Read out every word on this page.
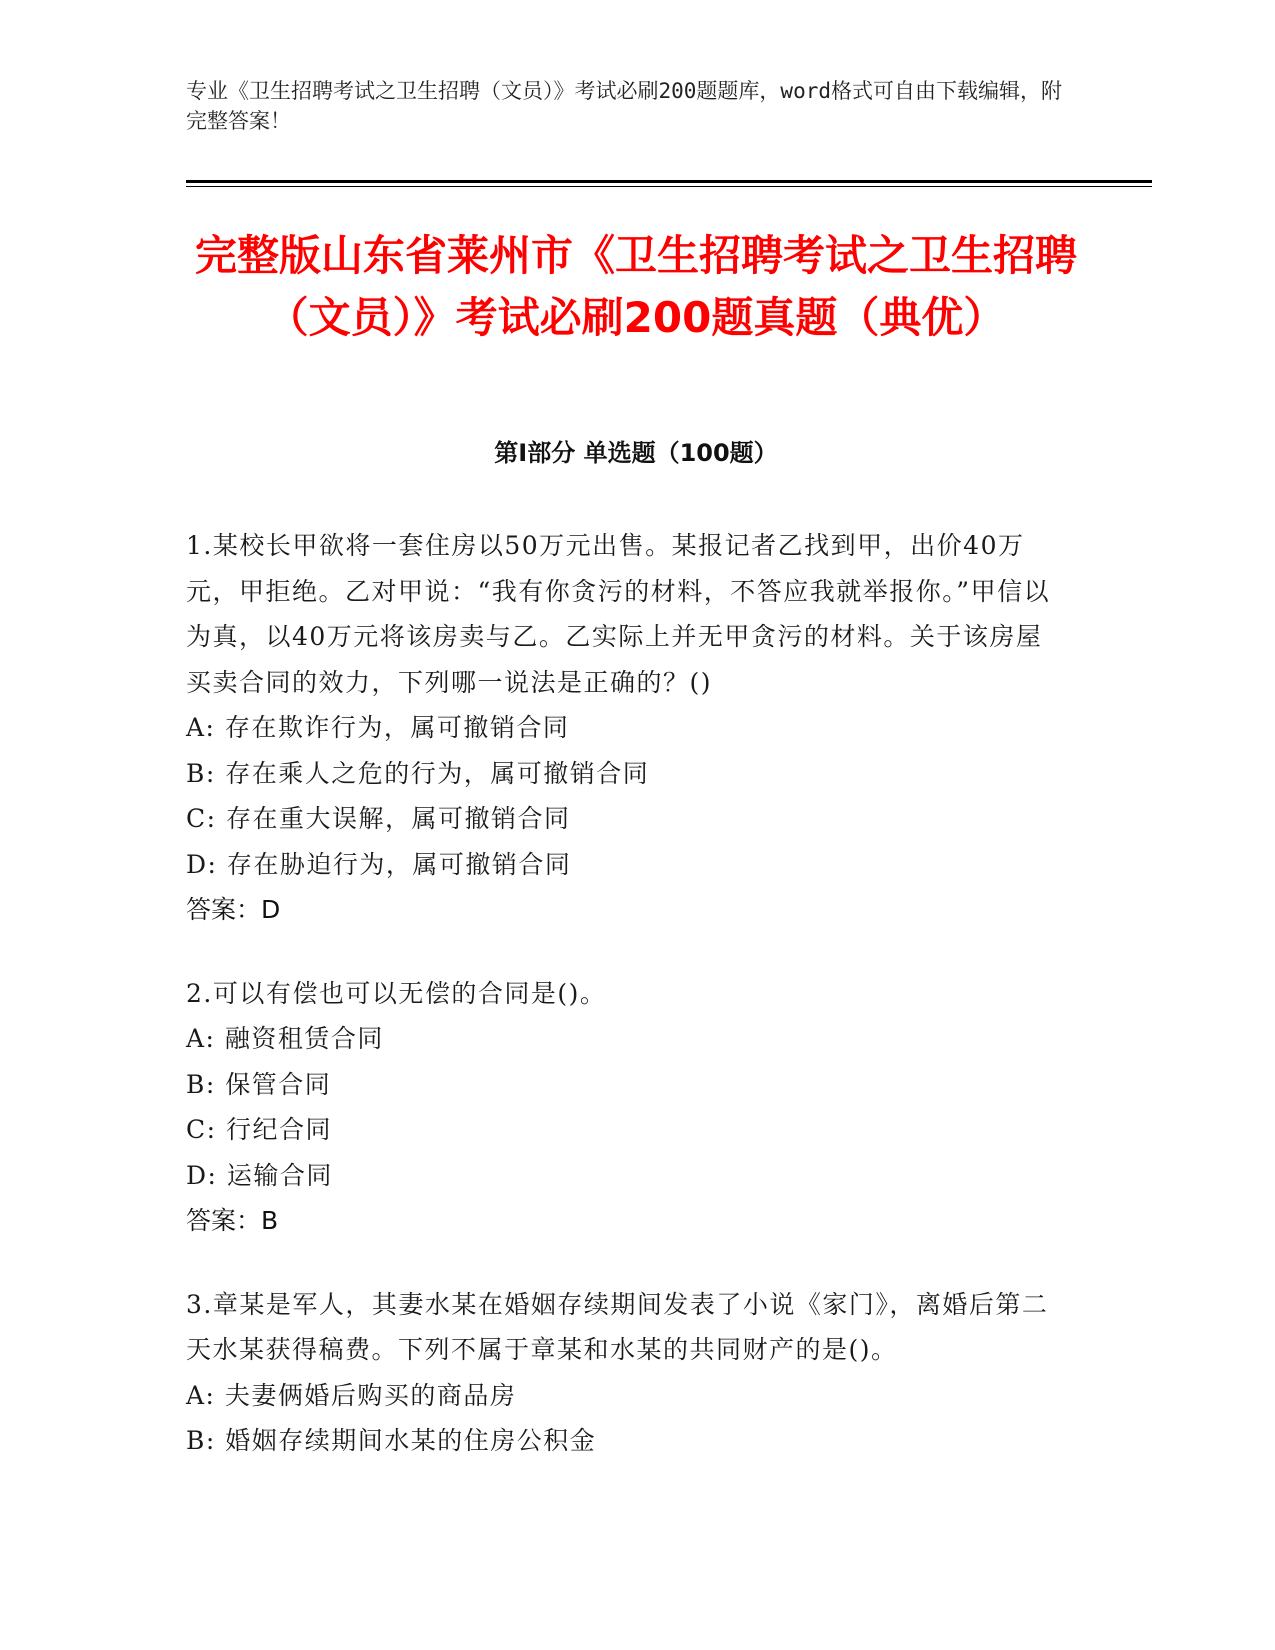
专业《卫生招聘考试之卫生招聘（文员）》考试必刷200题题库，word格式可自由下载编辑，附完整答案！

完整版山东省莱州市《卫生招聘考试之卫生招聘（文员）》考试必刷200题真题（典优）
第I部分 单选题（100题）

1.某校长甲欲将一套住房以50万元出售。某报记者乙找到甲，出价40万元，甲拒绝。乙对甲说：“我有你贪污的材料，不答应我就举报你。”甲信以为真，以40万元将该房卖与乙。乙实际上并无甲贪污的材料。关于该房屋买卖合同的效力，下列哪一说法是正确的？()

A: 存在欺诈行为，属可撤销合同

B: 存在乘人之危的行为，属可撤销合同

C: 存在重大误解，属可撤销合同

D: 存在胁迫行为，属可撤销合同

答案：D

2.可以有偿也可以无偿的合同是()。

A: 融资租赁合同

B: 保管合同

C: 行纪合同

D: 运输合同

答案：B

3.章某是军人，其妻水某在婚姻存续期间发表了小说《家门》，离婚后第二天水某获得稿费。下列不属于章某和水某的共同财产的是()。

A: 夫妻俩婚后购买的商品房

B: 婚姻存续期间水某的住房公积金
